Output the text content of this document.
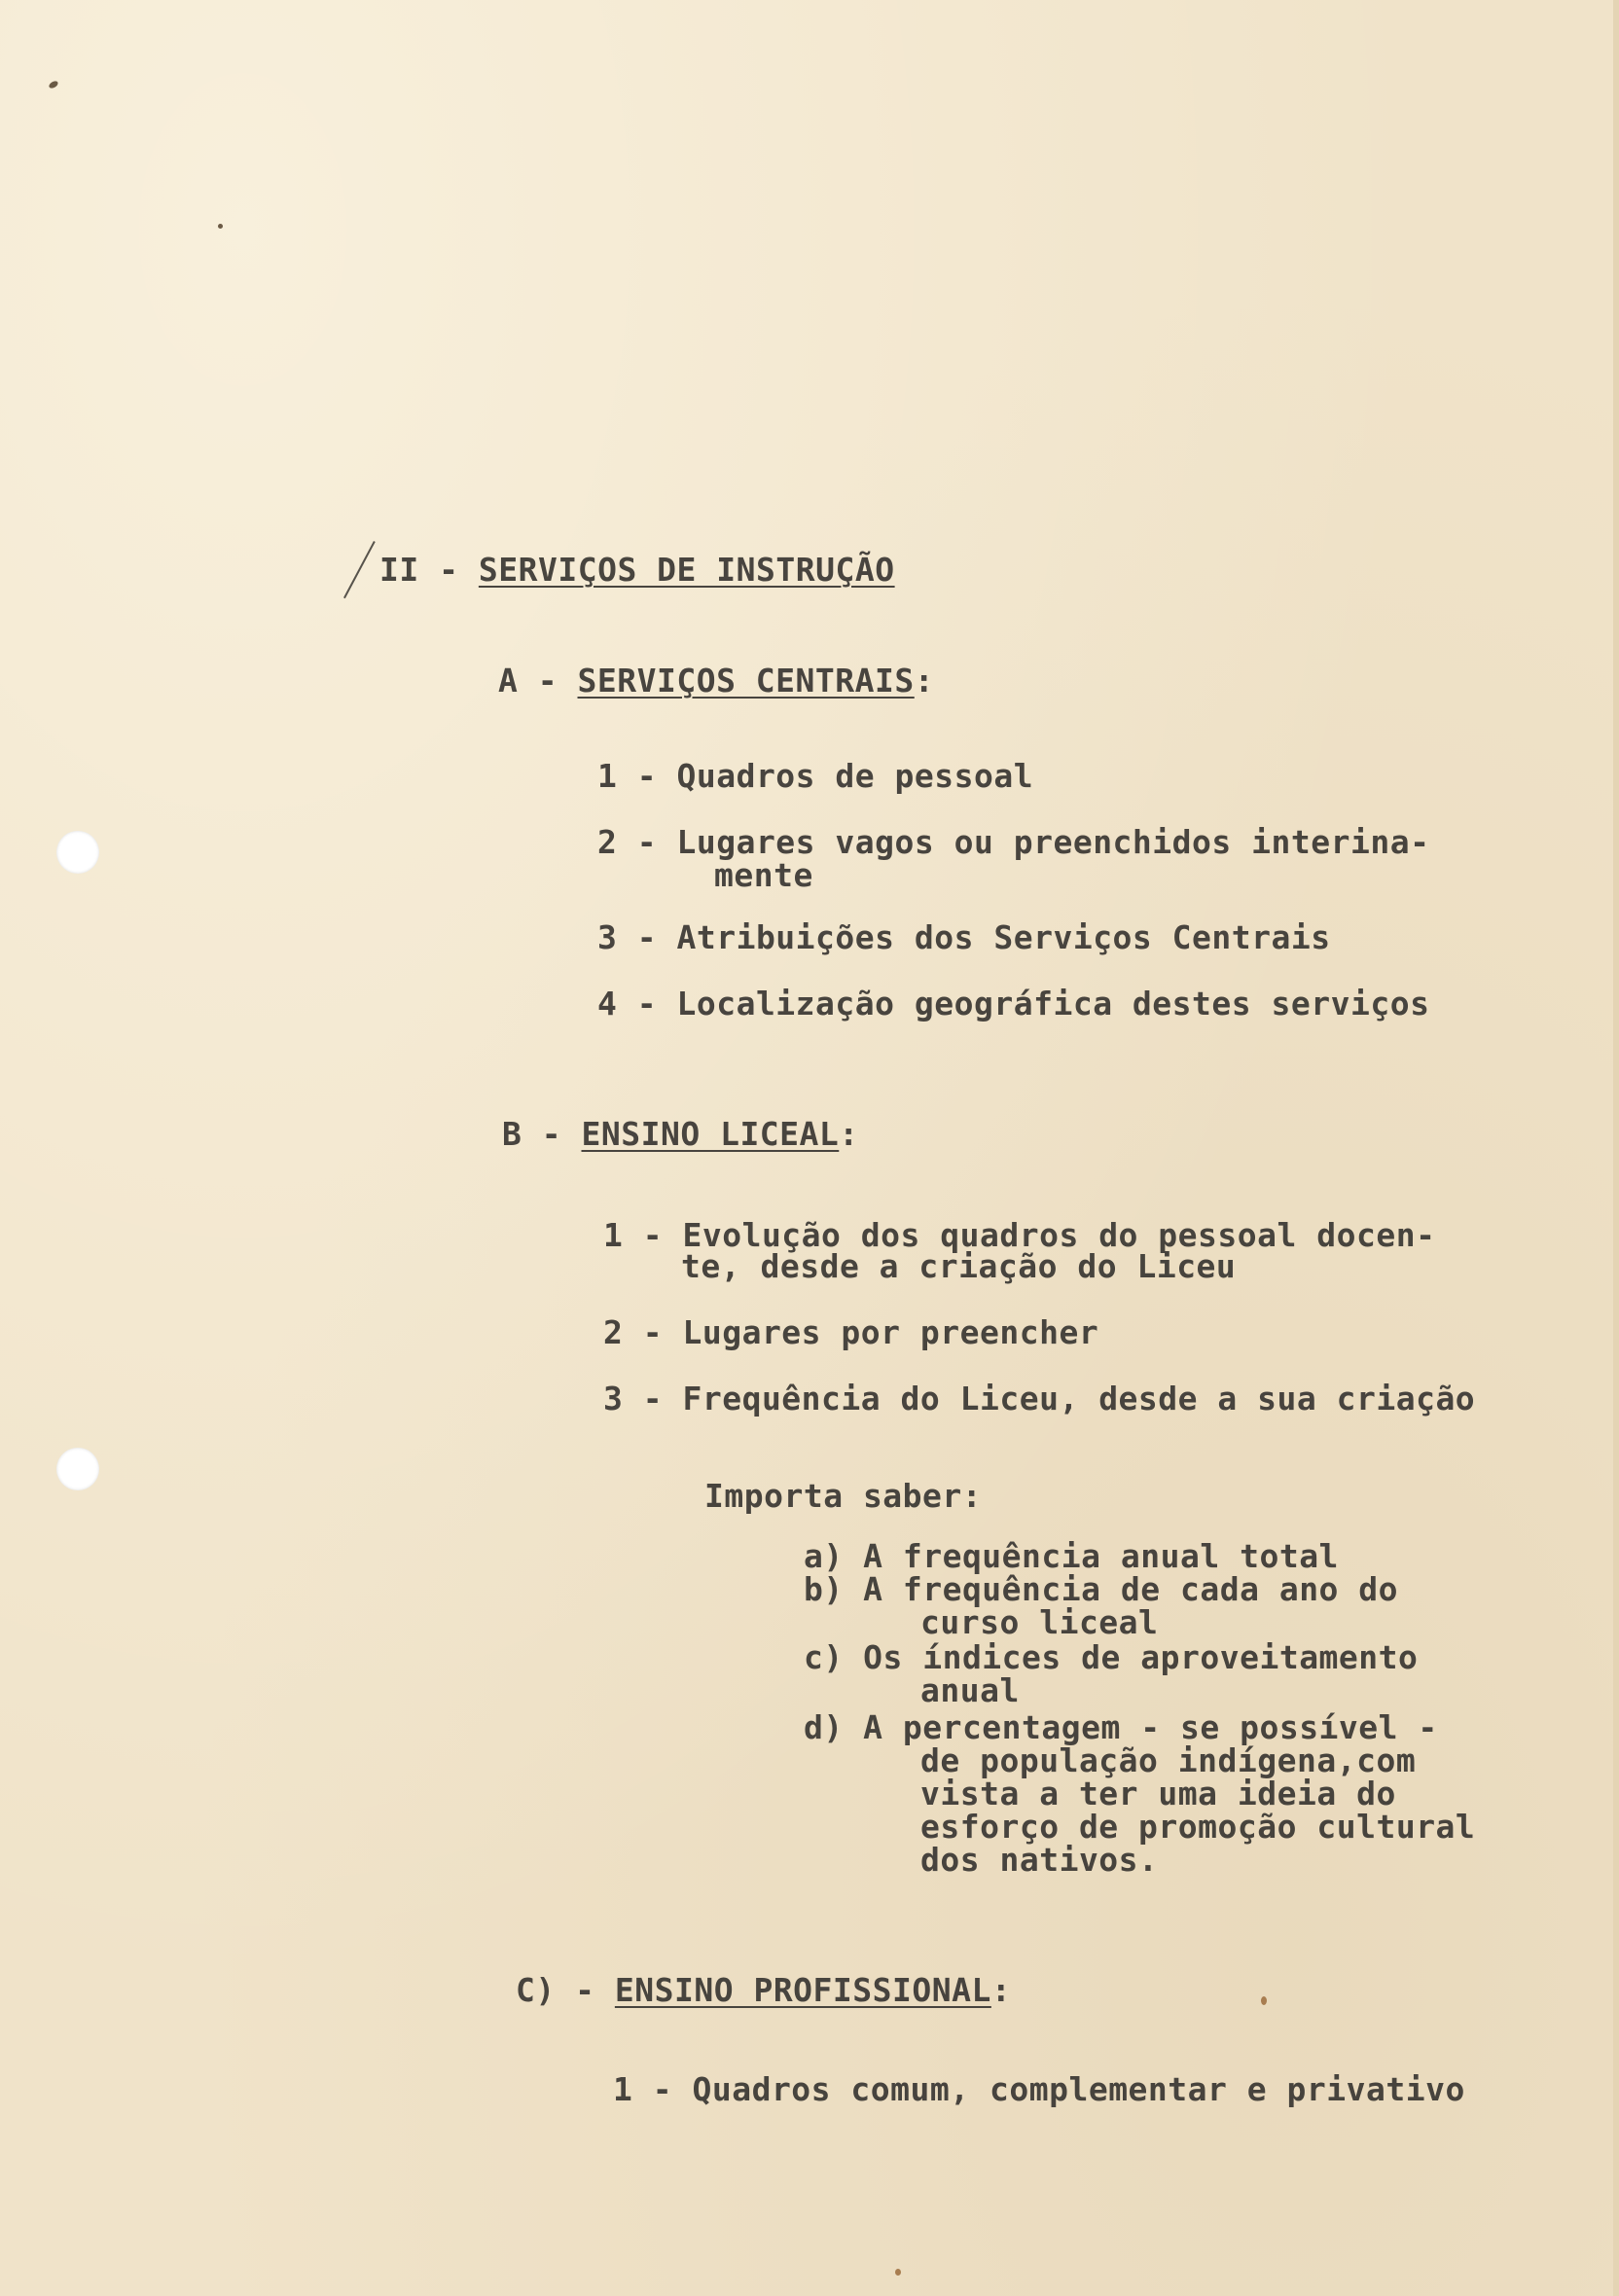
II - SERVIÇOS DE INSTRUÇÃO
A - SERVIÇOS CENTRAIS:
1 - Quadros de pessoal
2 - Lugares vagos ou preenchidos interina-
mente
3 - Atribuições dos Serviços Centrais
4 - Localização geográfica destes serviços
B - ENSINO LICEAL:
1 - Evolução dos quadros do pessoal docen-
te, desde a criação do Liceu
2 - Lugares por preencher
3 - Frequência do Liceu, desde a sua criação
Importa saber:
a) A frequência anual total
b) A frequência de cada ano do
curso liceal
c) Os índices de aproveitamento
anual
d) A percentagem - se possível -
de população indígena,com
vista a ter uma ideia do
esforço de promoção cultural
dos nativos.
C) - ENSINO PROFISSIONAL:
1 - Quadros comum, complementar e privativo
